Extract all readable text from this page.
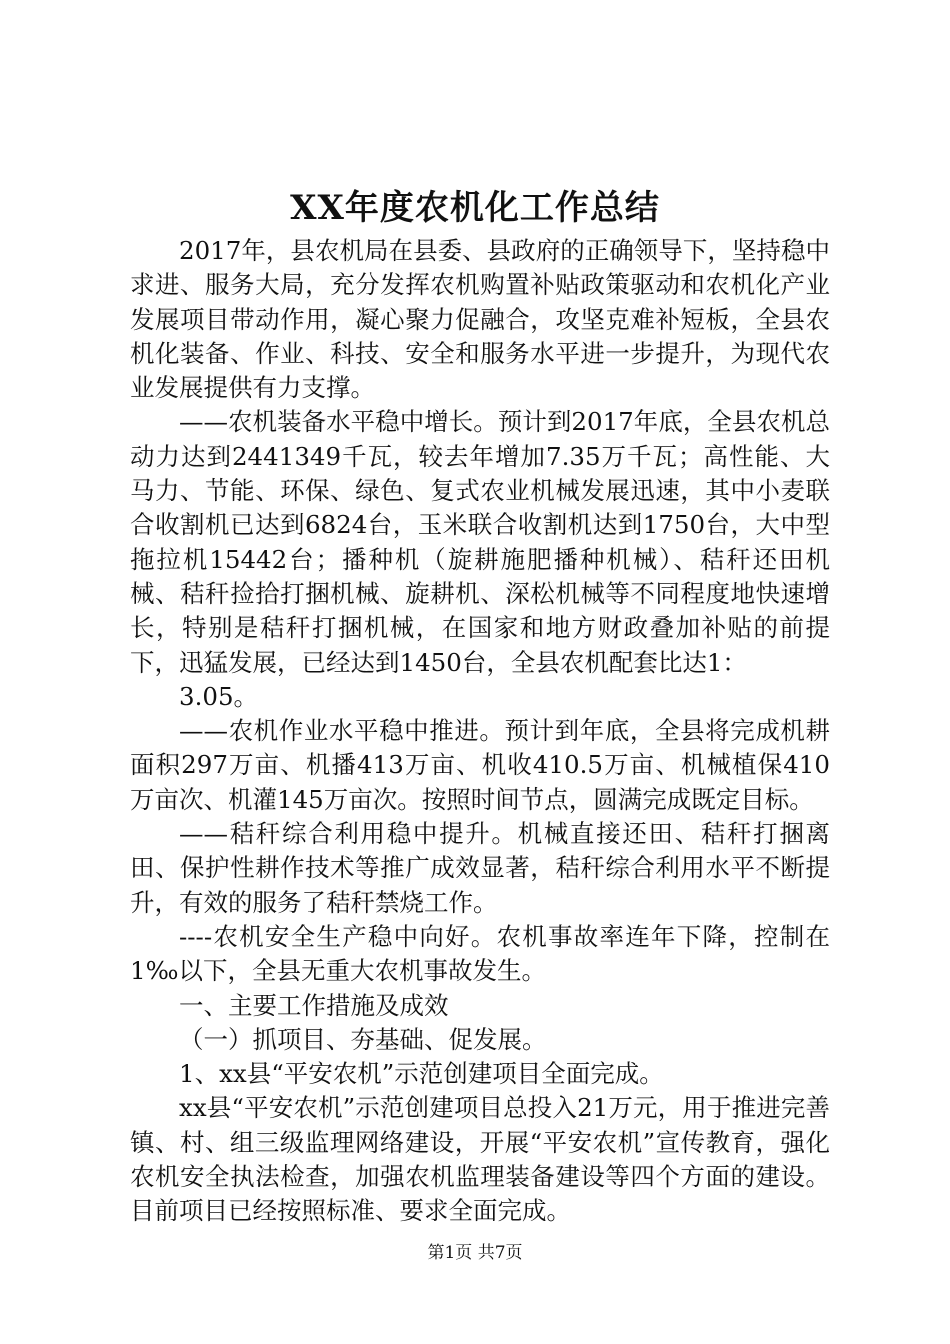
XX年度农机化工作总结

2017年，县农机局在县委、县政府的正确领导下，坚持稳中求进、服务大局，充分发挥农机购置补贴政策驱动和农机化产业发展项目带动作用，凝心聚力促融合，攻坚克难补短板，全县农机化装备、作业、科技、安全和服务水平进一步提升，为现代农业发展提供有力支撑。

——农机装备水平稳中增长。预计到2017年底，全县农机总动力达到2441349千瓦，较去年增加7.35万千瓦；高性能、大马力、节能、环保、绿色、复式农业机械发展迅速，其中小麦联合收割机已达到6824台，玉米联合收割机达到1750台，大中型拖拉机15442台；播种机（旋耕施肥播种机械）、秸秆还田机械、秸秆捡拾打捆机械、旋耕机、深松机械等不同程度地快速增长，特别是秸秆打捆机械，在国家和地方财政叠加补贴的前提下，迅猛发展，已经达到1450台，全县农机配套比达1：

3.05。

——农机作业水平稳中推进。预计到年底，全县将完成机耕面积297万亩、机播413万亩、机收410.5万亩、机械植保410万亩次、机灌145万亩次。按照时间节点，圆满完成既定目标。

——秸秆综合利用稳中提升。机械直接还田、秸秆打捆离田、保护性耕作技术等推广成效显著，秸秆综合利用水平不断提升，有效的服务了秸秆禁烧工作。

----农机安全生产稳中向好。农机事故率连年下降，控制在1‰以下，全县无重大农机事故发生。

一、主要工作措施及成效

（一）抓项目、夯基础、促发展。

1、xx县“平安农机”示范创建项目全面完成。

xx县“平安农机”示范创建项目总投入21万元，用于推进完善镇、村、组三级监理网络建设，开展“平安农机”宣传教育，强化农机安全执法检查，加强农机监理装备建设等四个方面的建设。目前项目已经按照标准、要求全面完成。

第1页 共7页
